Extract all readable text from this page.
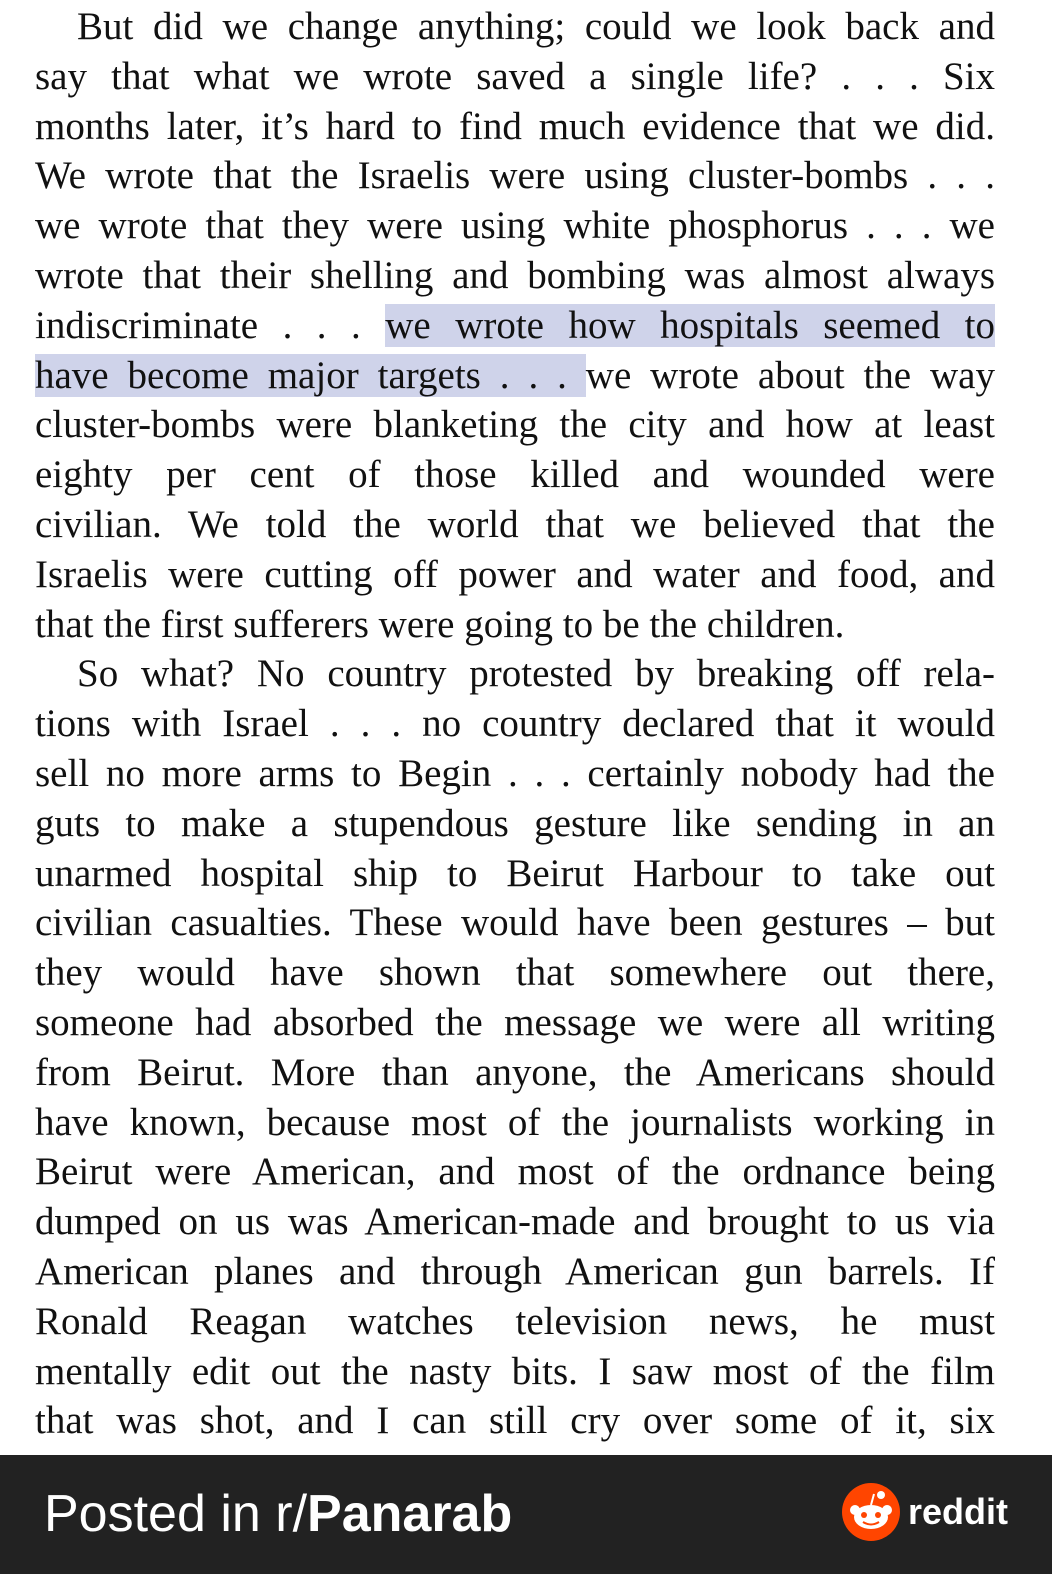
But did we change anything; could we look back and
say that what we wrote saved a single life? . . . Six
months later, it’s hard to find much evidence that we did.
We wrote that the Israelis were using cluster-bombs . . .
we wrote that they were using white phosphorus . . . we
wrote that their shelling and bombing was almost always
indiscriminate . . . we wrote how hospitals seemed to
have become major targets . . . we wrote about the way
cluster-bombs were blanketing the city and how at least
eighty per cent of those killed and wounded were
civilian. We told the world that we believed that the
Israelis were cutting off power and water and food, and
that the first sufferers were going to be the children.
So what? No country protested by breaking off rela-
tions with Israel . . . no country declared that it would
sell no more arms to Begin . . . certainly nobody had the
guts to make a stupendous gesture like sending in an
unarmed hospital ship to Beirut Harbour to take out
civilian casualties. These would have been gestures – but
they would have shown that somewhere out there,
someone had absorbed the message we were all writing
from Beirut. More than anyone, the Americans should
have known, because most of the journalists working in
Beirut were American, and most of the ordnance being
dumped on us was American-made and brought to us via
American planes and through American gun barrels. If
Ronald Reagan watches television news, he must
mentally edit out the nasty bits. I saw most of the film
that was shot, and I can still cry over some of it, six
Posted in r/Panarab	reddit
